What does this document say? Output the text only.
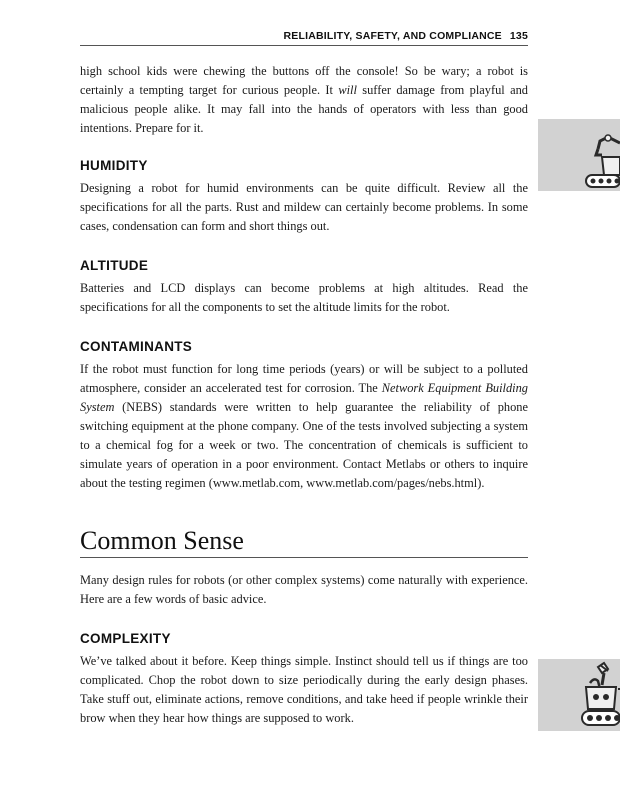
RELIABILITY, SAFETY, AND COMPLIANCE 135

high school kids were chewing the buttons off the console! So be wary; a robot is certainly a tempting target for curious people. It will suffer damage from playful and malicious people alike. It may fall into the hands of operators with less than good intentions. Prepare for it.

HUMIDITY

Designing a robot for humid environments can be quite difficult. Review all the specifications for all the parts. Rust and mildew can certainly become problems. In some cases, condensation can form and short things out.

ALTITUDE

Batteries and LCD displays can become problems at high altitudes. Read the specifications for all the components to set the altitude limits for the robot.

CONTAMINANTS

If the robot must function for long time periods (years) or will be subject to a polluted atmosphere, consider an accelerated test for corrosion. The Network Equipment Building System (NEBS) standards were written to help guarantee the reliability of phone switching equipment at the phone company. One of the tests involved subjecting a system to a chemical fog for a week or two. The concentration of chemicals is sufficient to simulate years of operation in a poor environment. Contact Metlabs or others to inquire about the testing regimen (www.metlab.com, www.metlab.com/pages/nebs.html).

Common Sense

Many design rules for robots (or other complex systems) come naturally with experience. Here are a few words of basic advice.

COMPLEXITY

We’ve talked about it before. Keep things simple. Instinct should tell us if things are too complicated. Chop the robot down to size periodically during the early design phases. Take stuff out, eliminate actions, remove conditions, and take heed if people wrinkle their brow when they hear how things are supposed to work.
